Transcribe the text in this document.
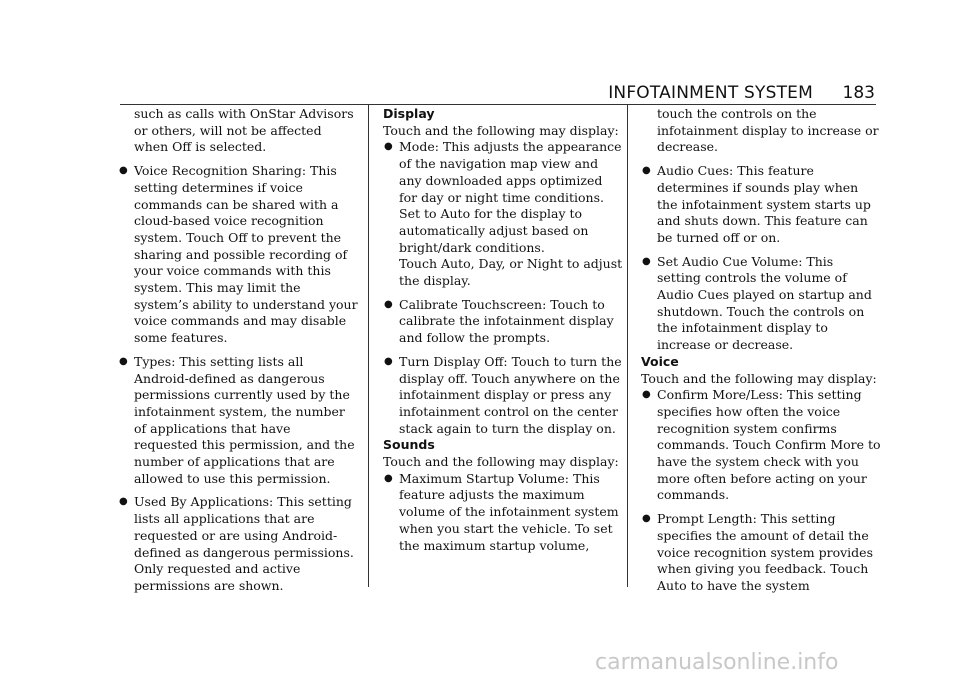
INFOTAINMENT SYSTEM 183

such as calls with OnStar Advisors or others, will not be affected when Off is selected.

● Voice Recognition Sharing: This setting determines if voice commands can be shared with a cloud-based voice recognition system. Touch Off to prevent the sharing and possible recording of your voice commands with this system. This may limit the system’s ability to understand your voice commands and may disable some features.

● Types: This setting lists all Android-defined as dangerous permissions currently used by the infotainment system, the number of applications that have requested this permission, and the number of applications that are allowed to use this permission.

● Used By Applications: This setting lists all applications that are requested or are using Android-defined as dangerous permissions. Only requested and active permissions are shown.

Display

Touch and the following may display:

● Mode: This adjusts the appearance of the navigation map view and any downloaded apps optimized for day or night time conditions. Set to Auto for the display to automatically adjust based on bright/dark conditions.

Touch Auto, Day, or Night to adjust the display.

● Calibrate Touchscreen: Touch to calibrate the infotainment display and follow the prompts.

● Turn Display Off: Touch to turn the display off. Touch anywhere on the infotainment display or press any infotainment control on the center stack again to turn the display on.

Sounds

Touch and the following may display:

● Maximum Startup Volume: This feature adjusts the maximum volume of the infotainment system when you start the vehicle. To set the maximum startup volume,

touch the controls on the infotainment display to increase or decrease.

● Audio Cues: This feature determines if sounds play when the infotainment system starts up and shuts down. This feature can be turned off or on.

● Set Audio Cue Volume: This setting controls the volume of Audio Cues played on startup and shutdown. Touch the controls on the infotainment display to increase or decrease.

Voice

Touch and the following may display:

● Confirm More/Less: This setting specifies how often the voice recognition system confirms commands. Touch Confirm More to have the system check with you more often before acting on your commands.

● Prompt Length: This setting specifies the amount of detail the voice recognition system provides when giving you feedback. Touch Auto to have the system

carmanualsonline.info
